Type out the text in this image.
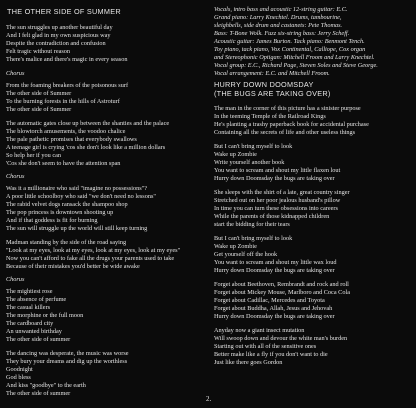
THE OTHER SIDE OF SUMMER
The sun struggles up another beautiful day
And I felt glad in my own suspicious way
Despite the contradiction and confusion
Felt tragic without reason
There's malice and there's magic in every season
Chorus
From the foaming breakers of the poisonous surf
The other side of Summer
To the burning forests in the hills of Astroturf
The other side of Summer
The automatic gates close up between the shanties and the palace
The blowtorch amusements, the voodoo chalice
The pale pathetic promises that everybody swallows
A teenage girl is crying 'cos she don't look like a million dollars
So help her if you can
'Cos she don't seem to have the attention span
Chorus
Was it a millionaire who said "imagine no possessions"?
A poor little schoolboy who said "we don't need no lessons"
The rabid velvet dogs ransack the shampoo shop
The pop princess is downtown shooting up
And if that goddess is fit for burning
The sun will struggle up the world will still keep turning
Madman standing by the side of the road saying
"Look at my eyes, look at my eyes, look at my eyes, look at my eyes"
Now you can't afford to fake all the drugs your parents used to take
Because of their mistakes you'd better be wide awake
Chorus
The mightiest rose
The absence of perfume
The casual killers
The morphine or the full moon
The cardboard city
An unwanted birthday
The other side of summer
The dancing was desperate, the music was worse
They bury your dreams and dig up the worthless
Goodnight
God bless
And kiss "goodbye" to the earth
The other side of summer
Vocals, intro bass and acoustic 12-string guitar: E.C.
Grand piano: Larry Knechtel. Drums, tambourine,
sleighbells, side drum and castanets: Pete Thomas.
Bass: T-Bone Wolk. Fuzz six-string bass: Jerry Scheff.
Acoustic guitar: James Burton. Tack piano: Benmont Tench.
Toy piano, tack piano, Vox Continental, Calliope, Cox organ
and Stereophonic Optigan: Mitchell Froom and Larry Knechtel.
Vocal group: E.C., Richard Page, Steven Soles and Steve George.
Vocal arrangement: E.C. and Mitchell Froom.
HURRY DOWN DOOMSDAY
(THE BUGS ARE TAKING OVER)
The man in the corner of this picture has a sinister purpose
In the teeming Temple of the Railroad Kings
He's planting a trashy paperback book for accidental purchase
Containing all the secrets of life and other useless things
But I can't bring myself to look
Wake up Zombie
Write yourself another book
You want to scream and shout my little flaxen lout
Hurry down Doomsday the bugs are taking over
She sleeps with the shirt of a late, great country singer
Stretched out on her poor jealous husband's pillow
In time you can turn these obsessions into careers
While the parents of those kidnapped children
start the bidding for their tears
But I can't bring myself to look
Wake up Zombie
Get yourself off the hook
You want to scream and shout my little wax loud
Hurry down Doomsday the bugs are taking over
Forget about Beethoven, Rembrandt and rock and roll
Forget about Mickey Mouse, Marlboro and Coca Cola
Forget about Cadillac, Mercedes and Toyota
Forget about Buddha, Allah, Jesus and Jehovah
Hurry down Doomsday the bugs are taking over
Anyday now a giant insect mutation
Will swoop down and devour the white man's burden
Starting out with all of the sensitive ones
Better make like a fly if you don't want to die
Just like there goes Gordon
2.
